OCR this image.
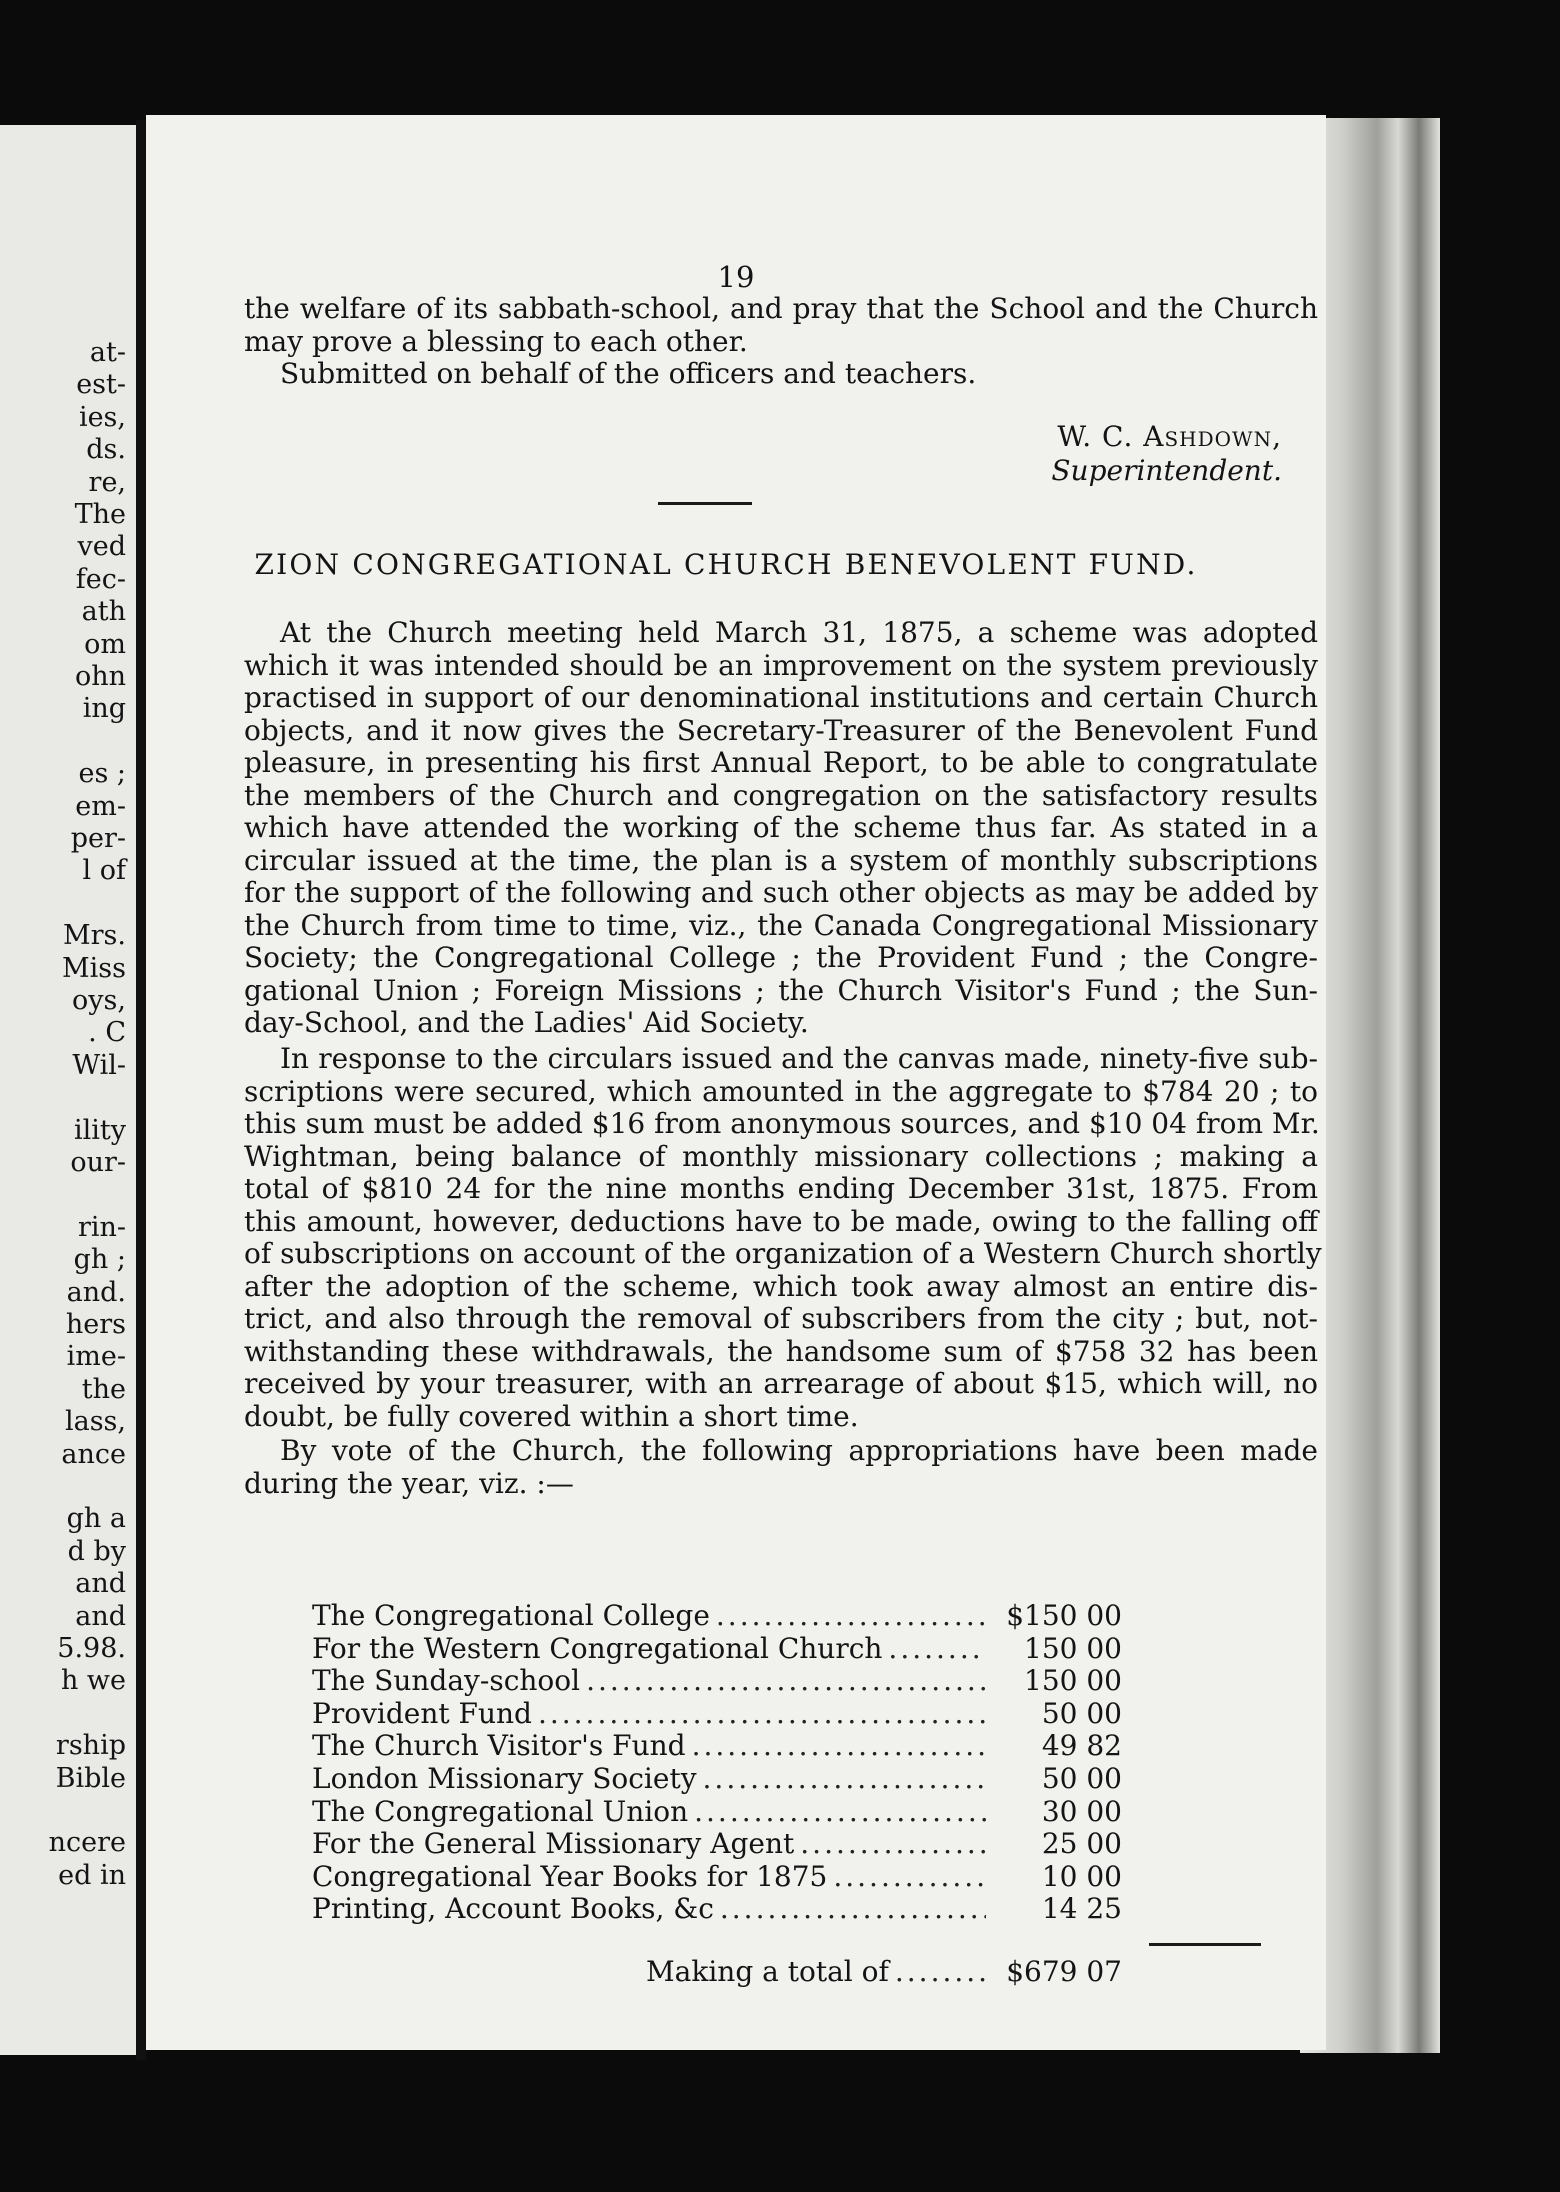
at-
est-
ies,
ds.
re,
The
ved
fec-
ath
om
ohn
ing
es ;
em-
per-
l of
Mrs.
Miss
oys,
. C
Wil-
ility
our-
rin-
gh ;
and.
hers
ime-
the
lass,
ance
gh a
d by
and
and
5.98.
h we
rship
Bible
ncere
ed in
19
the welfare of its sabbath-school, and pray that the School and the Church
may prove a blessing to each other.
Submitted on behalf of the officers and teachers.
W. C. Ashdown,
Superintendent.
ZION CONGREGATIONAL CHURCH BENEVOLENT FUND.
At the Church meeting held March 31, 1875, a scheme was adopted
which it was intended should be an improvement on the system previously
practised in support of our denominational institutions and certain Church
objects, and it now gives the Secretary-Treasurer of the Benevolent Fund
pleasure, in presenting his first Annual Report, to be able to congratulate
the members of the Church and congregation on the satisfactory results
which have attended the working of the scheme thus far. As stated in a
circular issued at the time, the plan is a system of monthly subscriptions
for the support of the following and such other objects as may be added by
the Church from time to time, viz., the Canada Congregational Missionary
Society; the Congregational College ; the Provident Fund ; the Congre-
gational Union ; Foreign Missions ; the Church Visitor's Fund ; the Sun-
day-School, and the Ladies' Aid Society.
In response to the circulars issued and the canvas made, ninety-five sub-
scriptions were secured, which amounted in the aggregate to $784 20 ; to
this sum must be added $16 from anonymous sources, and $10 04 from Mr.
Wightman, being balance of monthly missionary collections ; making a
total of $810 24 for the nine months ending December 31st, 1875. From
this amount, however, deductions have to be made, owing to the falling off
of subscriptions on account of the organization of a Western Church shortly
after the adoption of the scheme, which took away almost an entire dis-
trict, and also through the removal of subscribers from the city ; but, not-
withstanding these withdrawals, the handsome sum of $758 32 has been
received by your treasurer, with an arrearage of about $15, which will, no
doubt, be fully covered within a short time.
By vote of the Church, the following appropriations have been made
during the year, viz. :—
The Congregational College .....	$150 00
For the Western Congregational Church .....	150 00
The Sunday-school .....	150 00
Provident Fund .....	50 00
The Church Visitor's Fund .....	49 82
London Missionary Society .....	50 00
The Congregational Union .....	30 00
For the General Missionary Agent .....	25 00
Congregational Year Books for 1875 .....	10 00
Printing, Account Books, &c .....	14 25
Making a total of .....	$679 07
